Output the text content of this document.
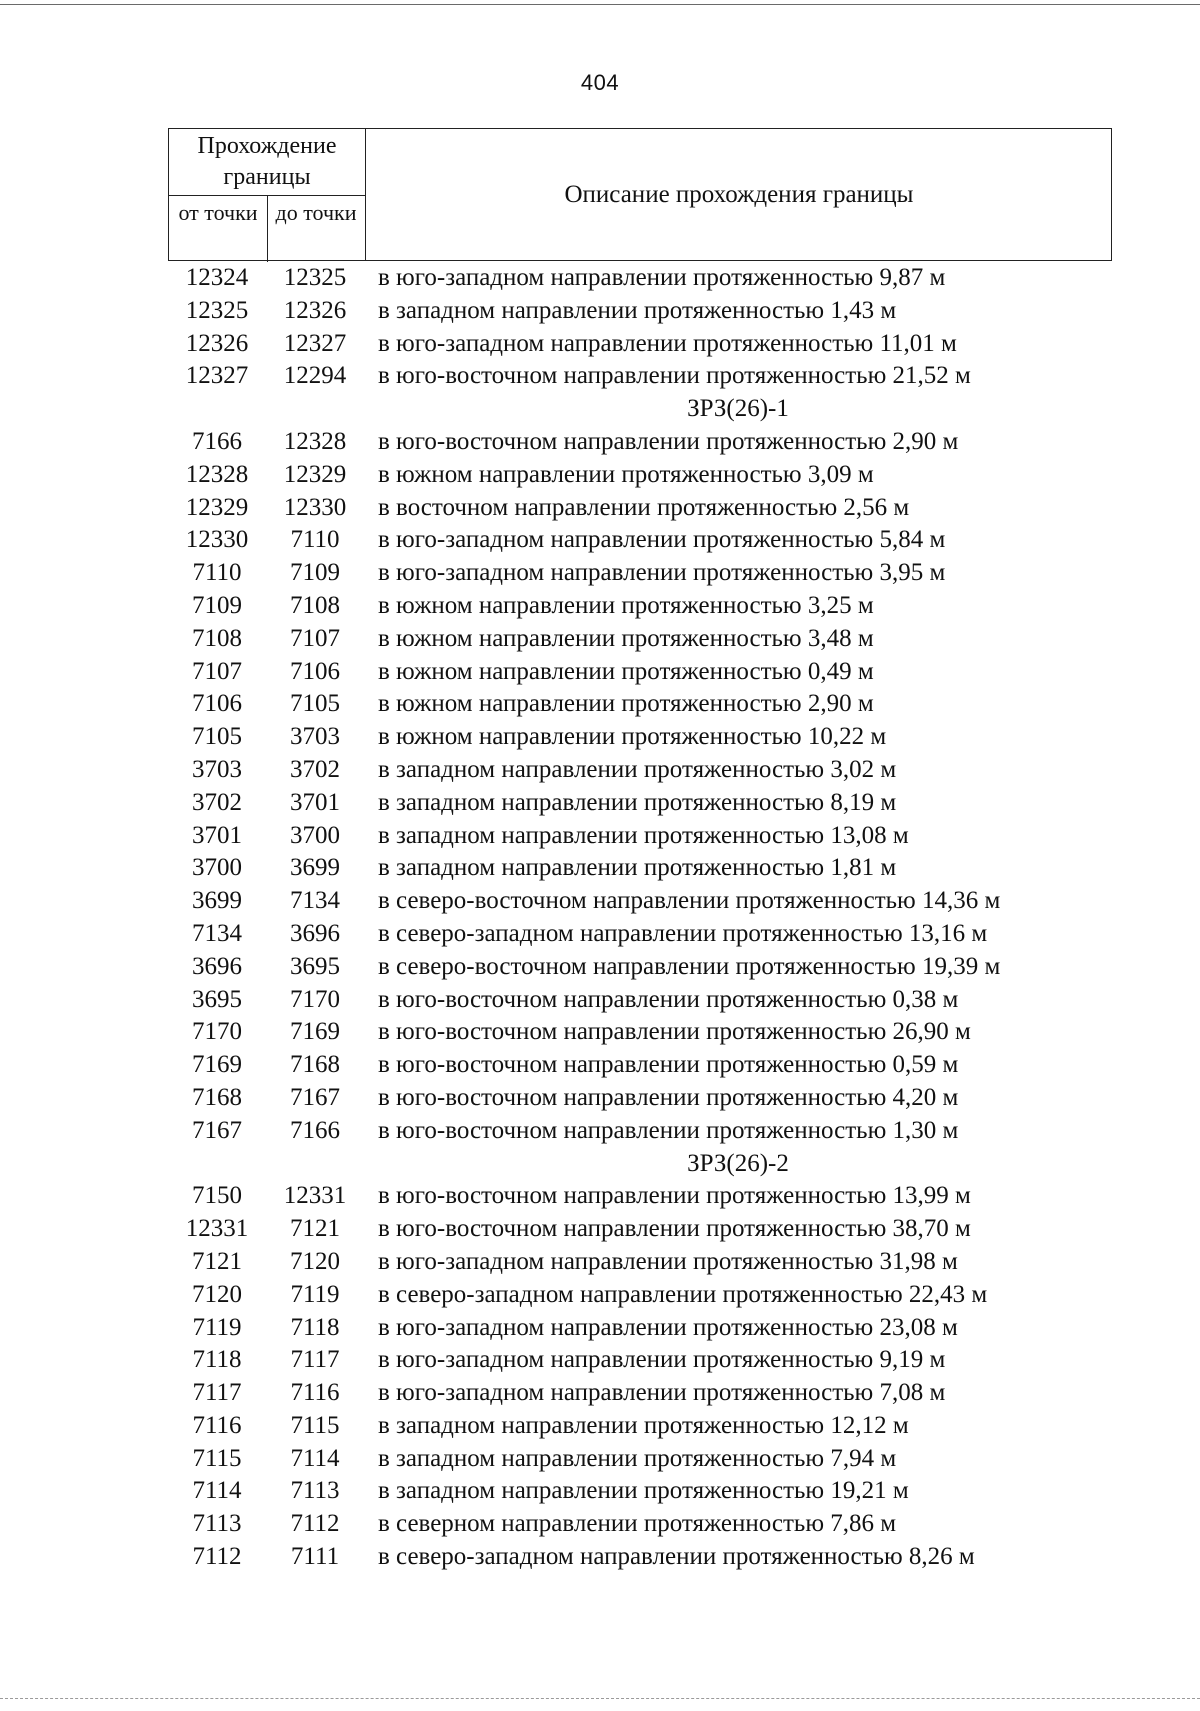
404
Прохождение границы
от точки до точки
Описание прохождения границы
12324	12325	в юго-западном направлении протяженностью 9,87 м
12325	12326	в западном направлении протяженностью 1,43 м
12326	12327	в юго-западном направлении протяженностью 11,01 м
12327	12294	в юго-восточном направлении протяженностью 21,52 м
ЗРЗ(26)-1
7166	12328	в юго-восточном направлении протяженностью 2,90 м
12328	12329	в южном направлении протяженностью 3,09 м
12329	12330	в восточном направлении протяженностью 2,56 м
12330	7110	в юго-западном направлении протяженностью 5,84 м
7110	7109	в юго-западном направлении протяженностью 3,95 м
7109	7108	в южном направлении протяженностью 3,25 м
7108	7107	в южном направлении протяженностью 3,48 м
7107	7106	в южном направлении протяженностью 0,49 м
7106	7105	в южном направлении протяженностью 2,90 м
7105	3703	в южном направлении протяженностью 10,22 м
3703	3702	в западном направлении протяженностью 3,02 м
3702	3701	в западном направлении протяженностью 8,19 м
3701	3700	в западном направлении протяженностью 13,08 м
3700	3699	в западном направлении протяженностью 1,81 м
3699	7134	в северо-восточном направлении протяженностью 14,36 м
7134	3696	в северо-западном направлении протяженностью 13,16 м
3696	3695	в северо-восточном направлении протяженностью 19,39 м
3695	7170	в юго-восточном направлении протяженностью 0,38 м
7170	7169	в юго-восточном направлении протяженностью 26,90 м
7169	7168	в юго-восточном направлении протяженностью 0,59 м
7168	7167	в юго-восточном направлении протяженностью 4,20 м
7167	7166	в юго-восточном направлении протяженностью 1,30 м
ЗРЗ(26)-2
7150	12331	в юго-восточном направлении протяженностью 13,99 м
12331	7121	в юго-восточном направлении протяженностью 38,70 м
7121	7120	в юго-западном направлении протяженностью 31,98 м
7120	7119	в северо-западном направлении протяженностью 22,43 м
7119	7118	в юго-западном направлении протяженностью 23,08 м
7118	7117	в юго-западном направлении протяженностью 9,19 м
7117	7116	в юго-западном направлении протяженностью 7,08 м
7116	7115	в западном направлении протяженностью 12,12 м
7115	7114	в западном направлении протяженностью 7,94 м
7114	7113	в западном направлении протяженностью 19,21 м
7113	7112	в северном направлении протяженностью 7,86 м
7112	7111	в северо-западном направлении протяженностью 8,26 м
